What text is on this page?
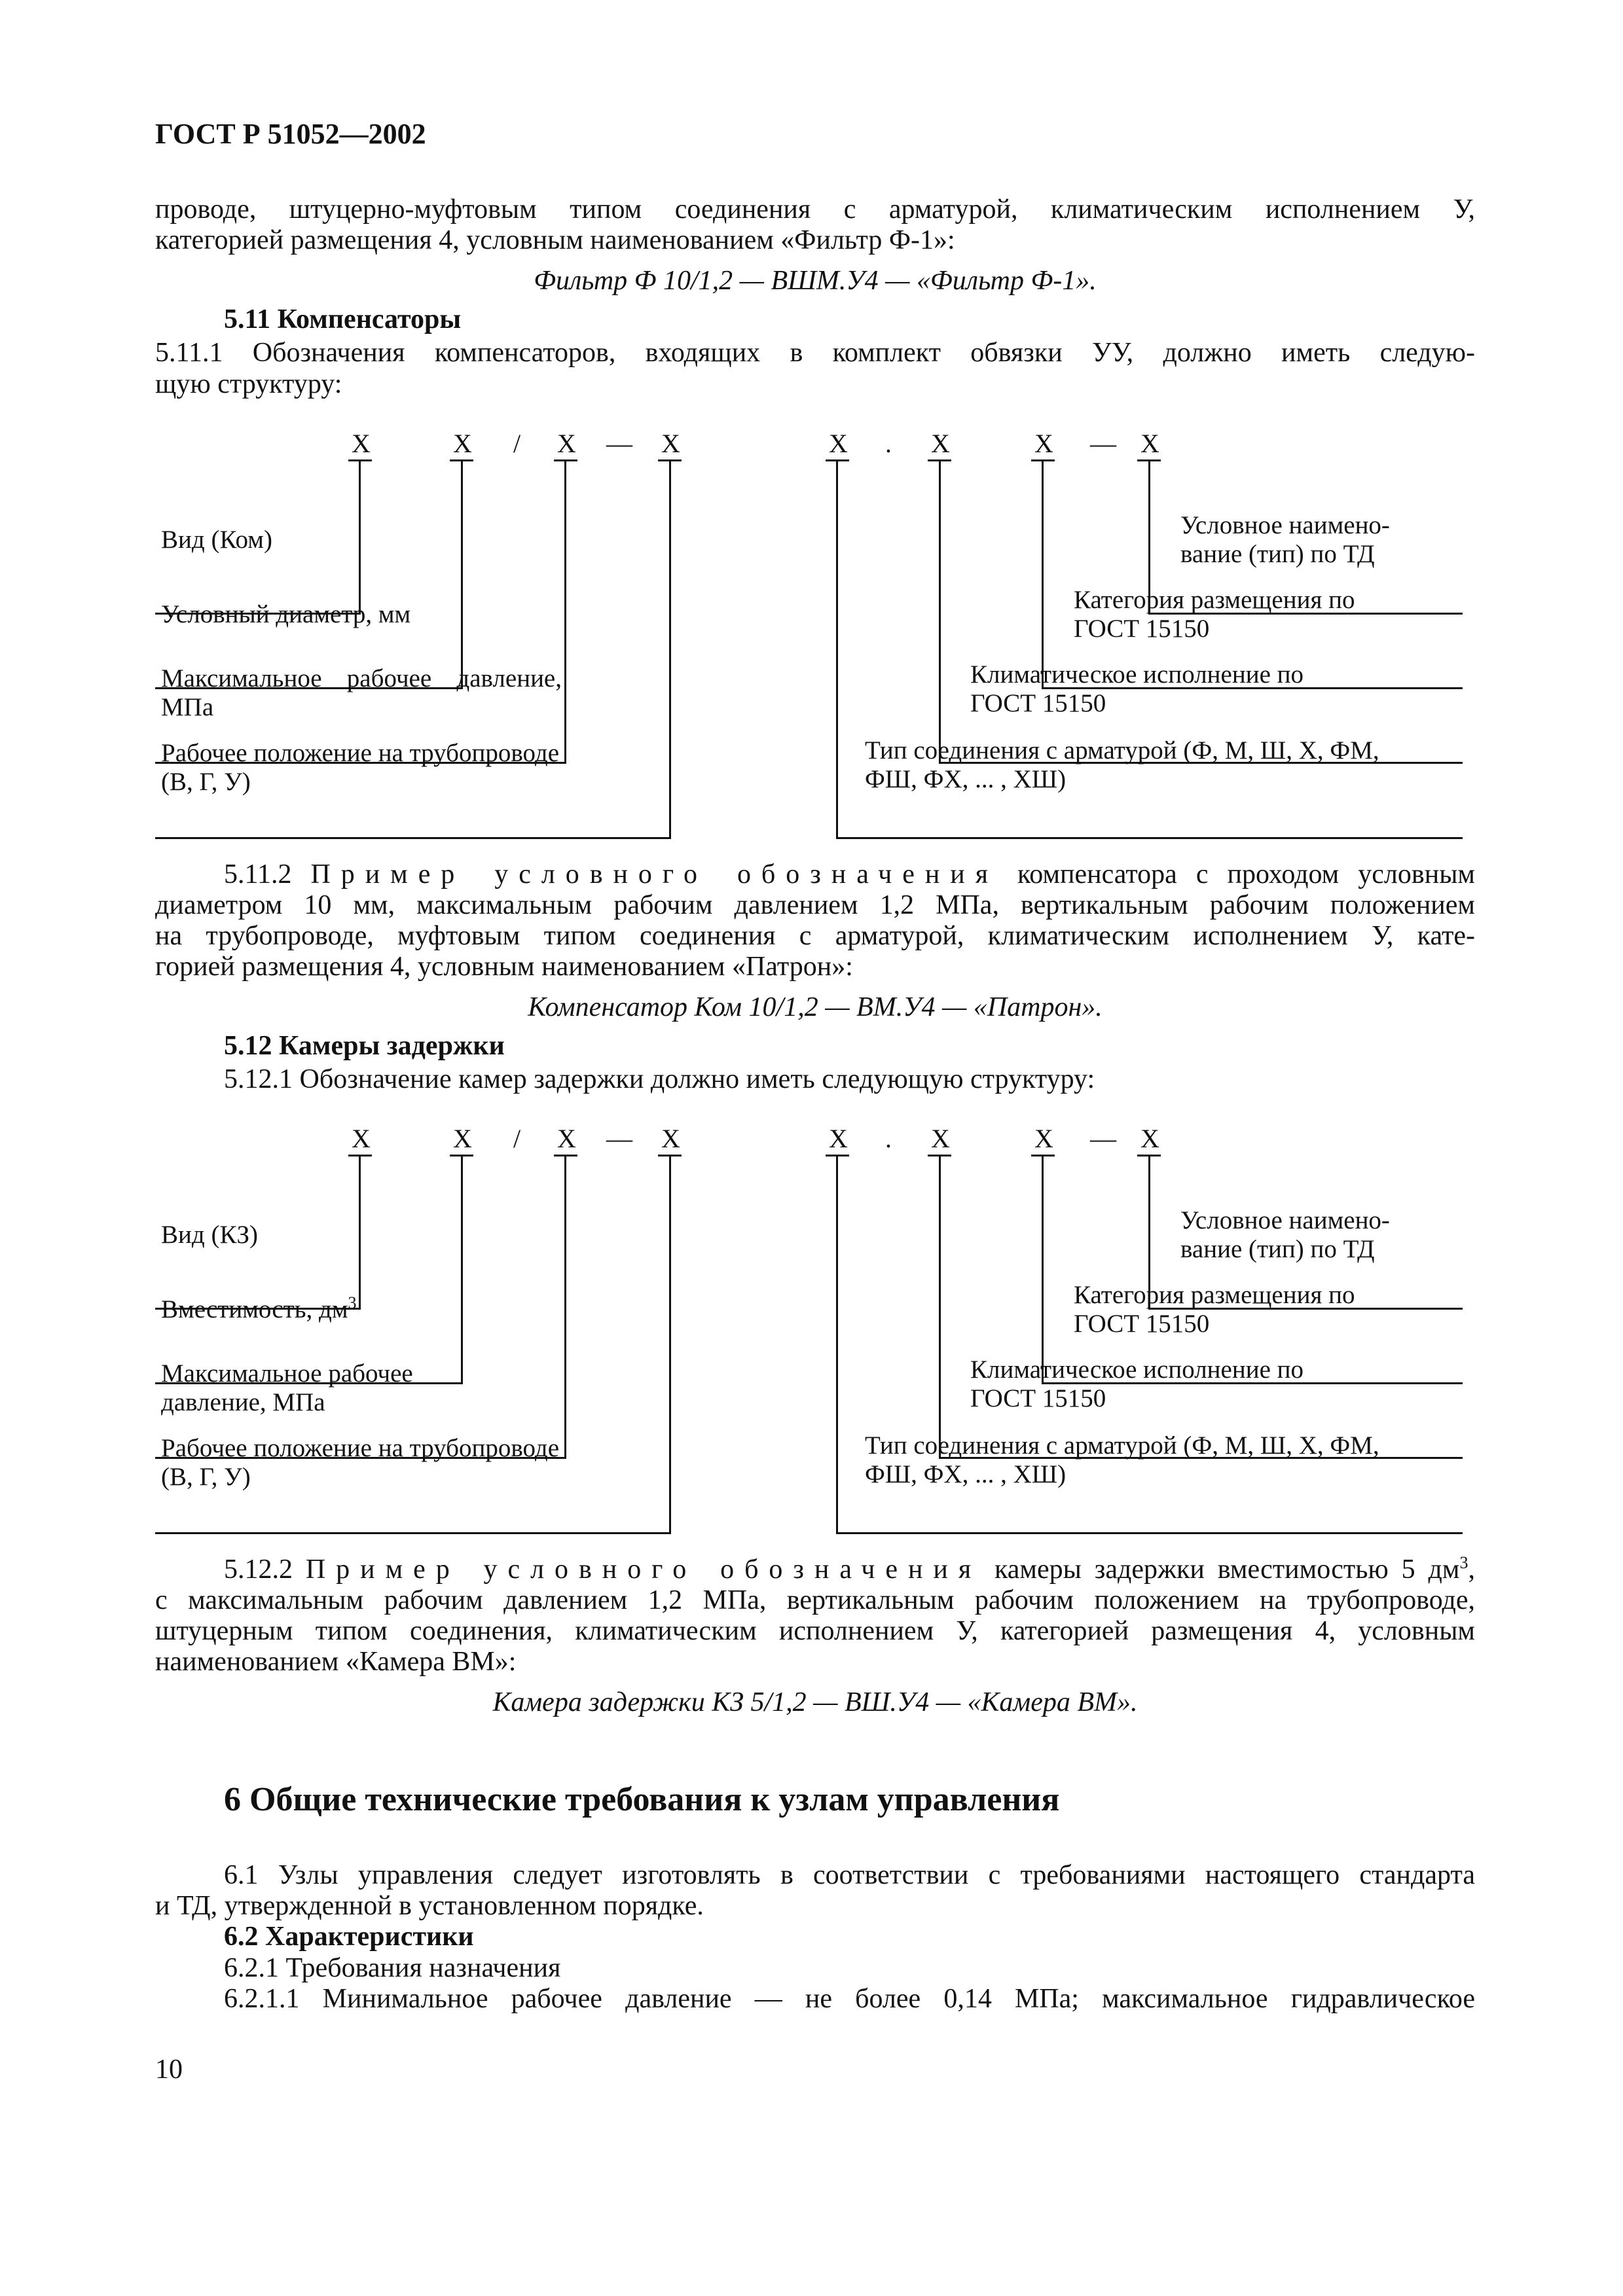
ГОСТ Р 51052—2002
проводе, штуцерно-муфтовым типом соединения с арматурой, климатическим исполнением У,
категорией размещения 4, условным наименованием «Фильтр Ф-1»:
Фильтр Ф 10/1,2 — ВШМ.У4 — «Фильтр Ф-1».
5.11 Компенсаторы
5.11.1 Обозначения компенсаторов, входящих в комплект обвязки УУ, должно иметь следую-
щую структуру:
X	X / X — X	X . X	X — X
Вид (Ком)
Условный диаметр, мм
Максимальное рабочее давление,
МПа
Рабочее положение на трубопроводе
(В, Г, У)
Условное наимено-
вание (тип) по ТД
Категория размещения по
ГОСТ 15150
Климатическое исполнение по
ГОСТ 15150
Тип соединения с арматурой (Ф, М, Ш, Х, ФМ,
ФШ, ФХ, ... , ХШ)
5.11.2 Пример условного обозначения компенсатора с проходом условным
диаметром 10 мм, максимальным рабочим давлением 1,2 МПа, вертикальным рабочим положением
на трубопроводе, муфтовым типом соединения с арматурой, климатическим исполнением У, кате-
горией размещения 4, условным наименованием «Патрон»:
Компенсатор Ком 10/1,2 — ВМ.У4 — «Патрон».
5.12 Камеры задержки
5.12.1 Обозначение камер задержки должно иметь следующую структуру:
X	X / X — X	X . X	X — X
Вид (КЗ)
Вместимость, $дм^3$
Максимальное рабочее
давление, МПа
Рабочее положение на трубопроводе
(В, Г, У)
Условное наимено-
вание (тип) по ТД
Категория размещения по
ГОСТ 15150
Климатическое исполнение по
ГОСТ 15150
Тип соединения с арматурой (Ф, М, Ш, Х, ФМ,
ФШ, ФХ, ... , ХШ)
5.12.2 Пример условного обозначения камеры задержки вместимостью 5 $дм^3$,
с максимальным рабочим давлением 1,2 МПа, вертикальным рабочим положением на трубопроводе,
штуцерным типом соединения, климатическим исполнением У, категорией размещения 4, условным
наименованием «Камера ВМ»:
Камера задержки КЗ 5/1,2 — ВШ.У4 — «Камера ВМ».
6 Общие технические требования к узлам управления
6.1 Узлы управления следует изготовлять в соответствии с требованиями настоящего стандарта
и ТД, утвержденной в установленном порядке.
6.2 Характеристики
6.2.1 Требования назначения
6.2.1.1 Минимальное рабочее давление — не более 0,14 МПа; максимальное гидравлическое
10
